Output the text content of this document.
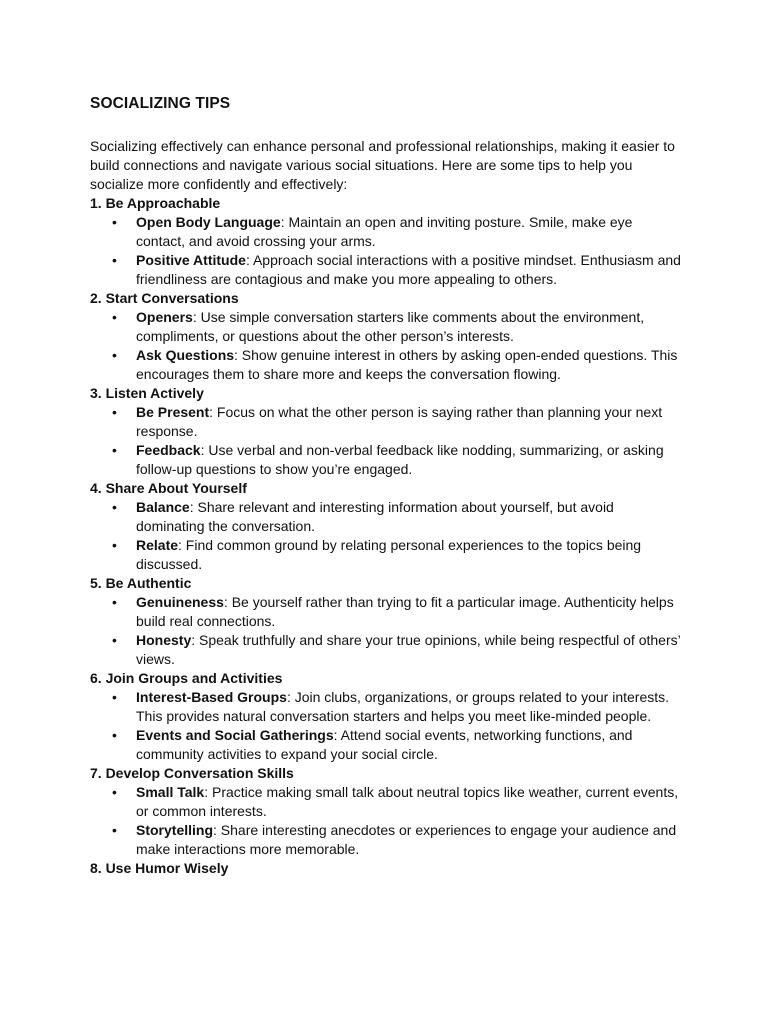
SOCIALIZING TIPS

Socializing effectively can enhance personal and professional relationships, making it easier to build connections and navigate various social situations. Here are some tips to help you socialize more confidently and effectively:

1. Be Approachable
• Open Body Language: Maintain an open and inviting posture. Smile, make eye contact, and avoid crossing your arms.
• Positive Attitude: Approach social interactions with a positive mindset. Enthusiasm and friendliness are contagious and make you more appealing to others.
2. Start Conversations
• Openers: Use simple conversation starters like comments about the environment, compliments, or questions about the other person’s interests.
• Ask Questions: Show genuine interest in others by asking open-ended questions. This encourages them to share more and keeps the conversation flowing.
3. Listen Actively
• Be Present: Focus on what the other person is saying rather than planning your next response.
• Feedback: Use verbal and non-verbal feedback like nodding, summarizing, or asking follow-up questions to show you’re engaged.
4. Share About Yourself
• Balance: Share relevant and interesting information about yourself, but avoid dominating the conversation.
• Relate: Find common ground by relating personal experiences to the topics being discussed.
5. Be Authentic
• Genuineness: Be yourself rather than trying to fit a particular image. Authenticity helps build real connections.
• Honesty: Speak truthfully and share your true opinions, while being respectful of others’ views.
6. Join Groups and Activities
• Interest-Based Groups: Join clubs, organizations, or groups related to your interests. This provides natural conversation starters and helps you meet like-minded people.
• Events and Social Gatherings: Attend social events, networking functions, and community activities to expand your social circle.
7. Develop Conversation Skills
• Small Talk: Practice making small talk about neutral topics like weather, current events, or common interests.
• Storytelling: Share interesting anecdotes or experiences to engage your audience and make interactions more memorable.
8. Use Humor Wisely
